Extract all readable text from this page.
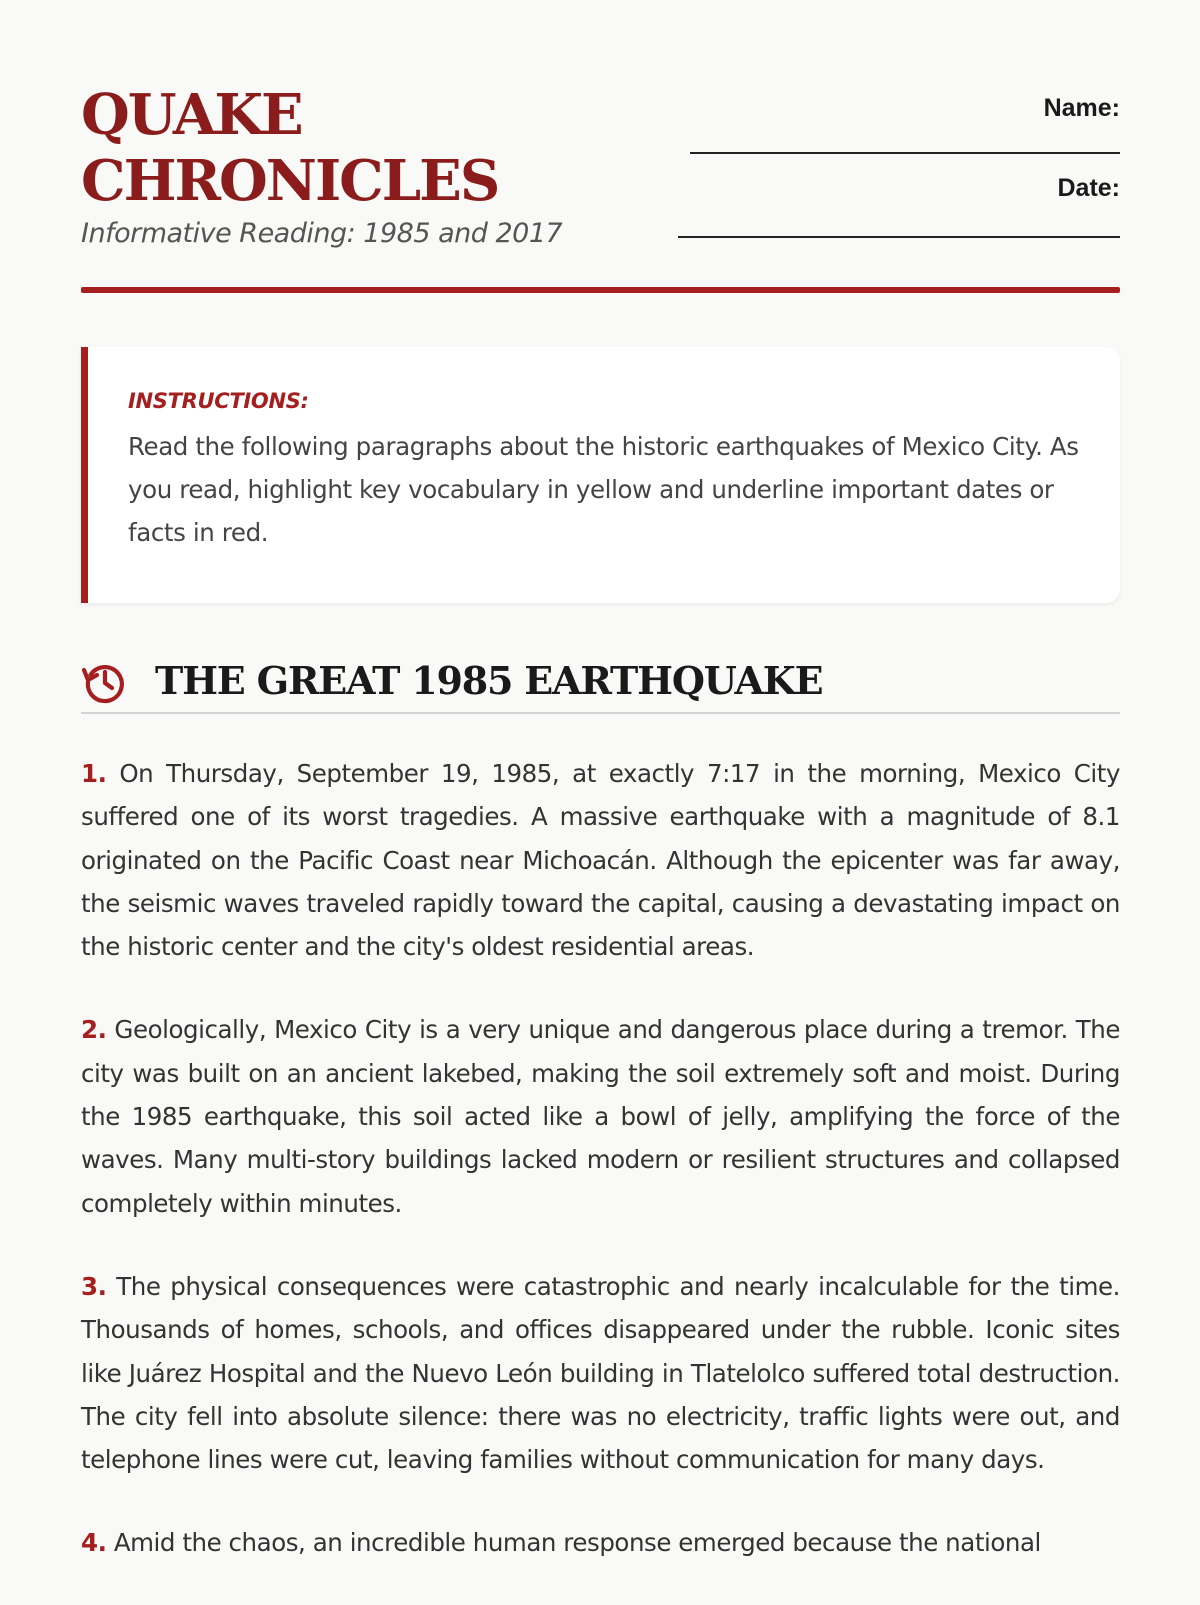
QUAKE
CHRONICLES
Informative Reading: 1985 and 2017
Name:
Date:

INSTRUCTIONS:

Read the following paragraphs about the historic earthquakes of Mexico City. As you read, highlight key vocabulary in yellow and underline important dates or facts in red.

THE GREAT 1985 EARTHQUAKE

1. On Thursday, September 19, 1985, at exactly 7:17 in the morning, Mexico City suffered one of its worst tragedies. A massive earthquake with a magnitude of 8.1 originated on the Pacific Coast near Michoacán. Although the epicenter was far away, the seismic waves traveled rapidly toward the capital, causing a devastating impact on the historic center and the city's oldest residential areas.

2. Geologically, Mexico City is a very unique and dangerous place during a tremor. The city was built on an ancient lakebed, making the soil extremely soft and moist. During the 1985 earthquake, this soil acted like a bowl of jelly, amplifying the force of the waves. Many multi-story buildings lacked modern or resilient structures and collapsed completely within minutes.

3. The physical consequences were catastrophic and nearly incalculable for the time. Thousands of homes, schools, and offices disappeared under the rubble. Iconic sites like Juárez Hospital and the Nuevo León building in Tlatelolco suffered total destruction. The city fell into absolute silence: there was no electricity, traffic lights were out, and telephone lines were cut, leaving families without communication for many days.

4. Amid the chaos, an incredible human response emerged because the national
